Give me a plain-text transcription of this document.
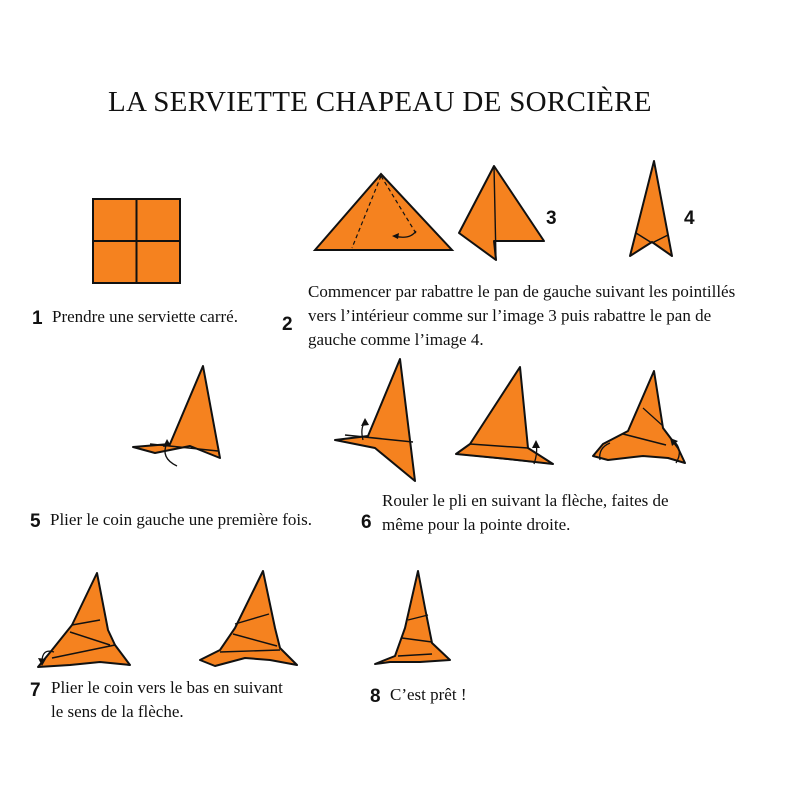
LA SERVIETTE CHAPEAU DE SORCIÈRE
3	4
1 Prendre une serviette carré. 2
Commencer par rabattre le pan de gauche suivant les pointillés
vers l’intérieur comme sur l’image 3 puis rabattre le pan de
gauche comme l’image 4.
5 Plier le coin gauche une première fois.	6
Rouler le pli en suivant la flèche, faites de
même pour la pointe droite.
7 Plier le coin vers le bas en suivant
le sens de la flèche.
8 C’est prêt !
